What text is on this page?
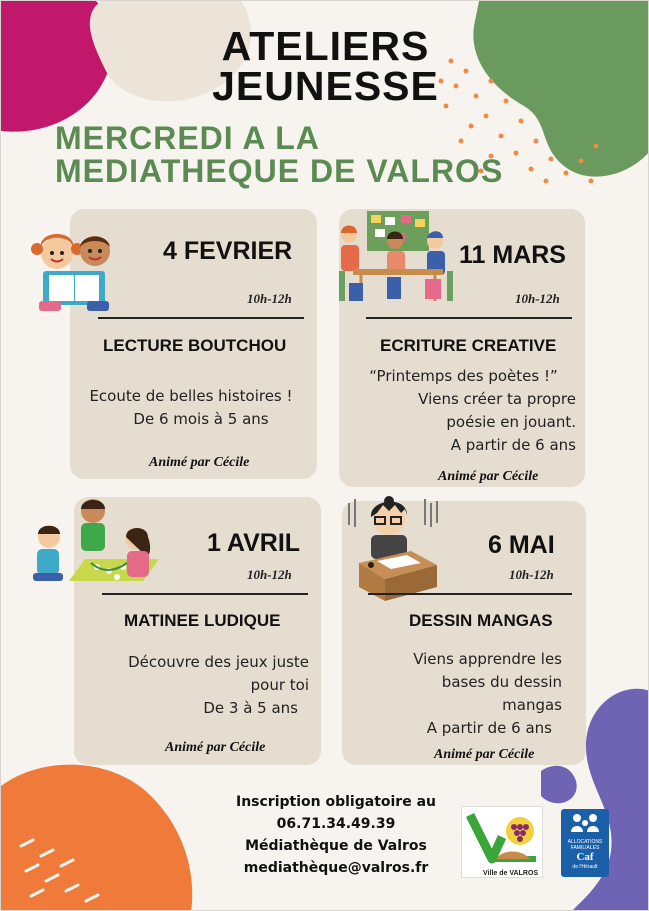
ATELIERS
JEUNESSE
MERCREDI A LA
MEDIATHEQUE DE VALROS
4 FEVRIER
10h-12h
LECTURE BOUTCHOU
Ecoute de belles histoires !
De 6 mois à 5 ans
Animé par Cécile
11 MARS
10h-12h
ECRITURE CREATIVE
“Printemps des poètes !”
Viens créer ta propre
poésie en jouant.
A partir de 6 ans
Animé par Cécile
1 AVRIL
10h-12h
MATINEE LUDIQUE
Découvre des jeux juste
pour toi
De 3 à 5 ans
Animé par Cécile
6 MAI
10h-12h
DESSIN MANGAS
Viens apprendre les
bases du dessin
mangas
A partir de 6 ans
Animé par Cécile
Inscription obligatoire au
06.71.34.49.39
Médiathèque de Valros
mediathèque@valros.fr	Ville de VALROS
ALLOCATIONS
FAMILIALES
Caf
de l'Hérault
